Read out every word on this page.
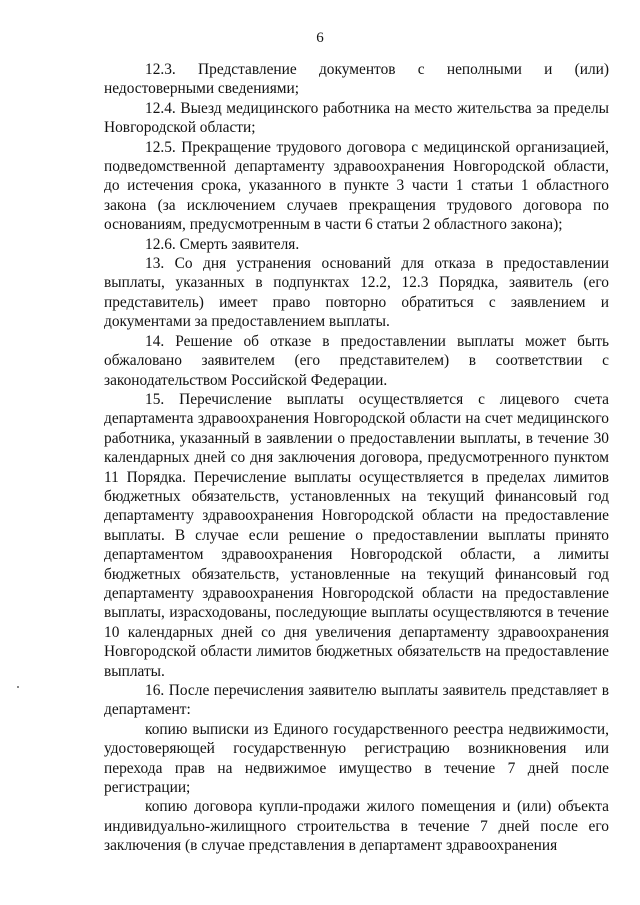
6

12.3. Представление документов с неполными и (или) недостоверными сведениями;

12.4. Выезд медицинского работника на место жительства за пределы Новгородской области;

12.5. Прекращение трудового договора с медицинской организацией, подведомственной департаменту здравоохранения Новгородской области, до истечения срока, указанного в пункте 3 части 1 статьи 1 областного закона (за исключением случаев прекращения трудового договора по основаниям, предусмотренным в части 6 статьи 2 областного закона);

12.6. Смерть заявителя.

13. Со дня устранения оснований для отказа в предоставлении выплаты, указанных в подпунктах 12.2, 12.3 Порядка, заявитель (его представитель) имеет право повторно обратиться с заявлением и документами за предоставлением выплаты.

14. Решение об отказе в предоставлении выплаты может быть обжаловано заявителем (его представителем) в соответствии с законодательством Российской Федерации.

15. Перечисление выплаты осуществляется с лицевого счета департамента здравоохранения Новгородской области на счет медицинского работника, указанный в заявлении о предоставлении выплаты, в течение 30 календарных дней со дня заключения договора, предусмотренного пунктом 11 Порядка. Перечисление выплаты осуществляется в пределах лимитов бюджетных обязательств, установленных на текущий финансовый год департаменту здравоохранения Новгородской области на предоставление выплаты. В случае если решение о предоставлении выплаты принято департаментом здравоохранения Новгородской области, а лимиты бюджетных обязательств, установленные на текущий финансовый год департаменту здравоохранения Новгородской области на предоставление выплаты, израсходованы, последующие выплаты осуществляются в течение 10 календарных дней со дня увеличения департаменту здравоохранения Новгородской области лимитов бюджетных обязательств на предоставление выплаты.

16. После перечисления заявителю выплаты заявитель представляет в департамент:

копию выписки из Единого государственного реестра недвижимости, удостоверяющей государственную регистрацию возникновения или перехода прав на недвижимое имущество в течение 7 дней после регистрации;

копию договора купли-продажи жилого помещения и (или) объекта индивидуально-жилищного строительства в течение 7 дней после его заключения (в случае представления в департамент здравоохранения
